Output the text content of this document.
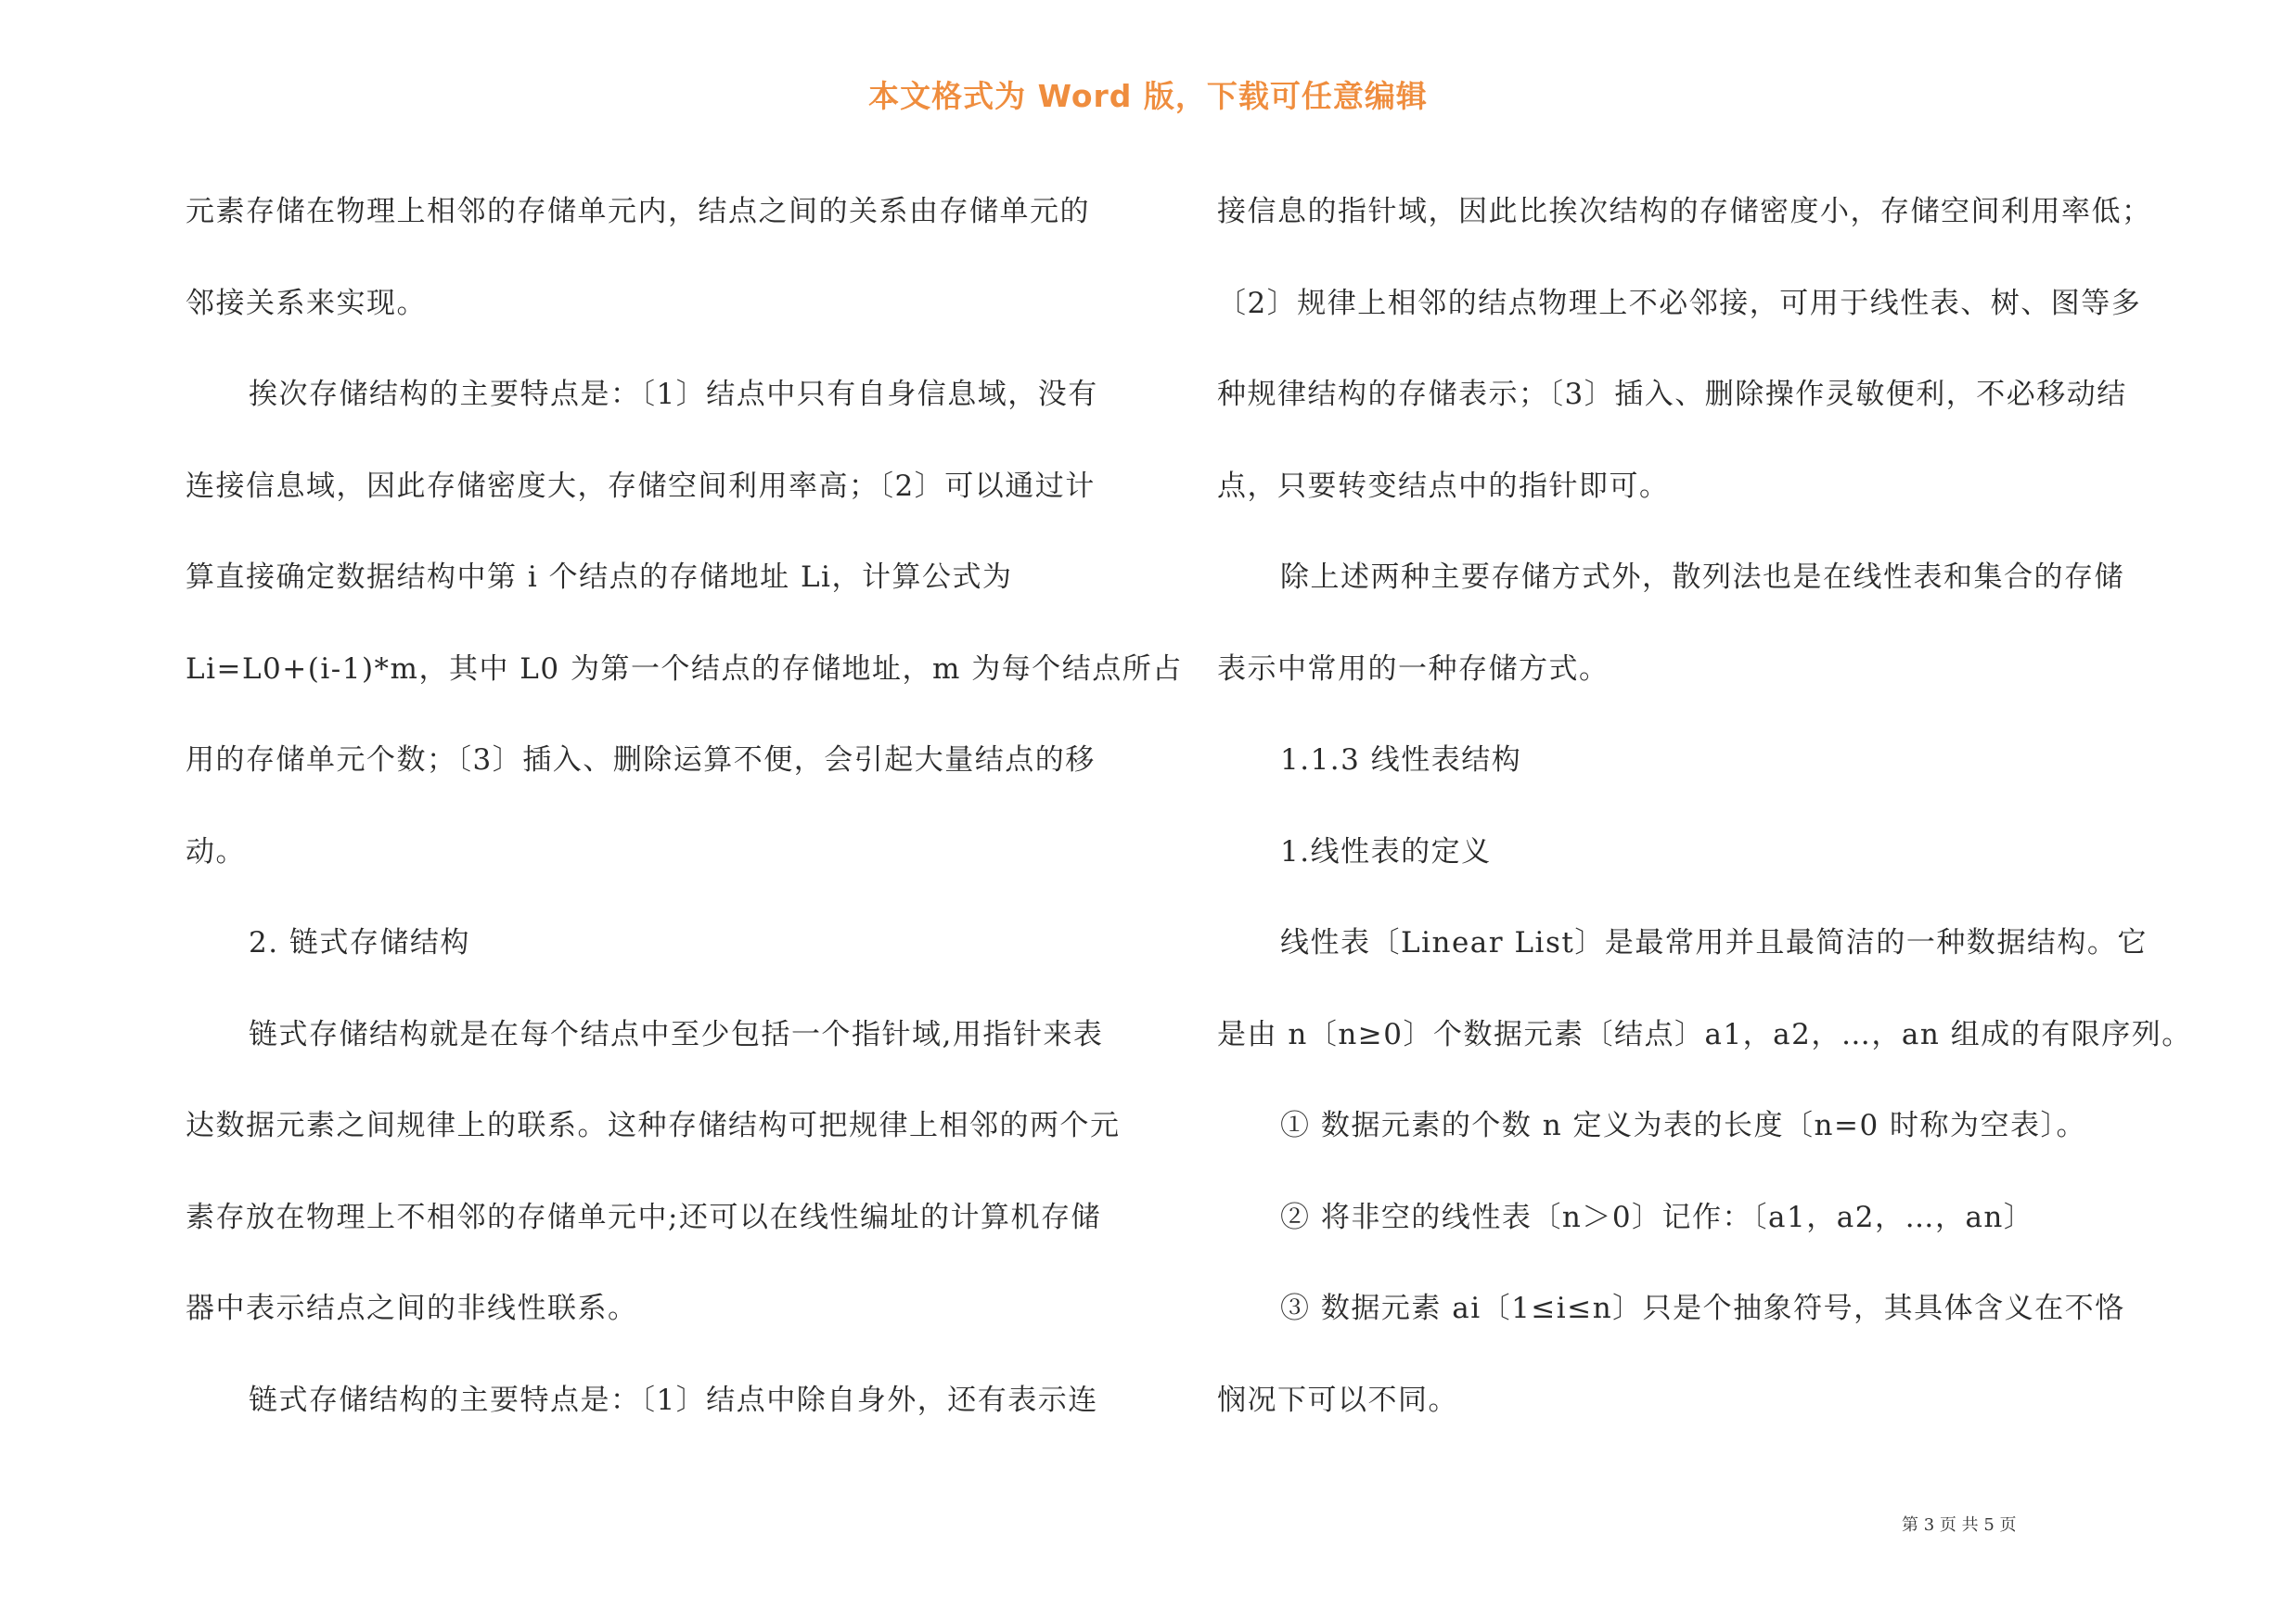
本文格式为 Word 版，下载可任意编辑
元素存储在物理上相邻的存储单元内，结点之间的关系由存储单元的
邻接关系来实现。
挨次存储结构的主要特点是：〔1〕结点中只有自身信息域，没有
连接信息域，因此存储密度大，存储空间利用率高；〔2〕可以通过计
算直接确定数据结构中第 i 个结点的存储地址 Li，计算公式为
Li=L0+(i-1)*m，其中 L0 为第一个结点的存储地址，m 为每个结点所占
用的存储单元个数；〔3〕插入、删除运算不便，会引起大量结点的移
动。
2. 链式存储结构
链式存储结构就是在每个结点中至少包括一个指针域,用指针来表
达数据元素之间规律上的联系。这种存储结构可把规律上相邻的两个元
素存放在物理上不相邻的存储单元中;还可以在线性编址的计算机存储
器中表示结点之间的非线性联系。
链式存储结构的主要特点是：〔1〕结点中除自身外，还有表示连
接信息的指针域，因此比挨次结构的存储密度小，存储空间利用率低；
〔2〕规律上相邻的结点物理上不必邻接，可用于线性表、树、图等多
种规律结构的存储表示；〔3〕插入、删除操作灵敏便利，不必移动结
点，只要转变结点中的指针即可。
除上述两种主要存储方式外，散列法也是在线性表和集合的存储
表示中常用的一种存储方式。
1.1.3 线性表结构
1.线性表的定义
线性表〔Linear List〕是最常用并且最简洁的一种数据结构。它
是由 n〔n≥0〕个数据元素〔结点〕a1，a2，…，an 组成的有限序列。
① 数据元素的个数 n 定义为表的长度〔n=0 时称为空表〕。
② 将非空的线性表〔n＞0〕记作：〔a1，a2，…，an〕
③ 数据元素 ai〔1≤i≤n〕只是个抽象符号，其具体含义在不恪
悯况下可以不同。
第 3 页 共 5 页
